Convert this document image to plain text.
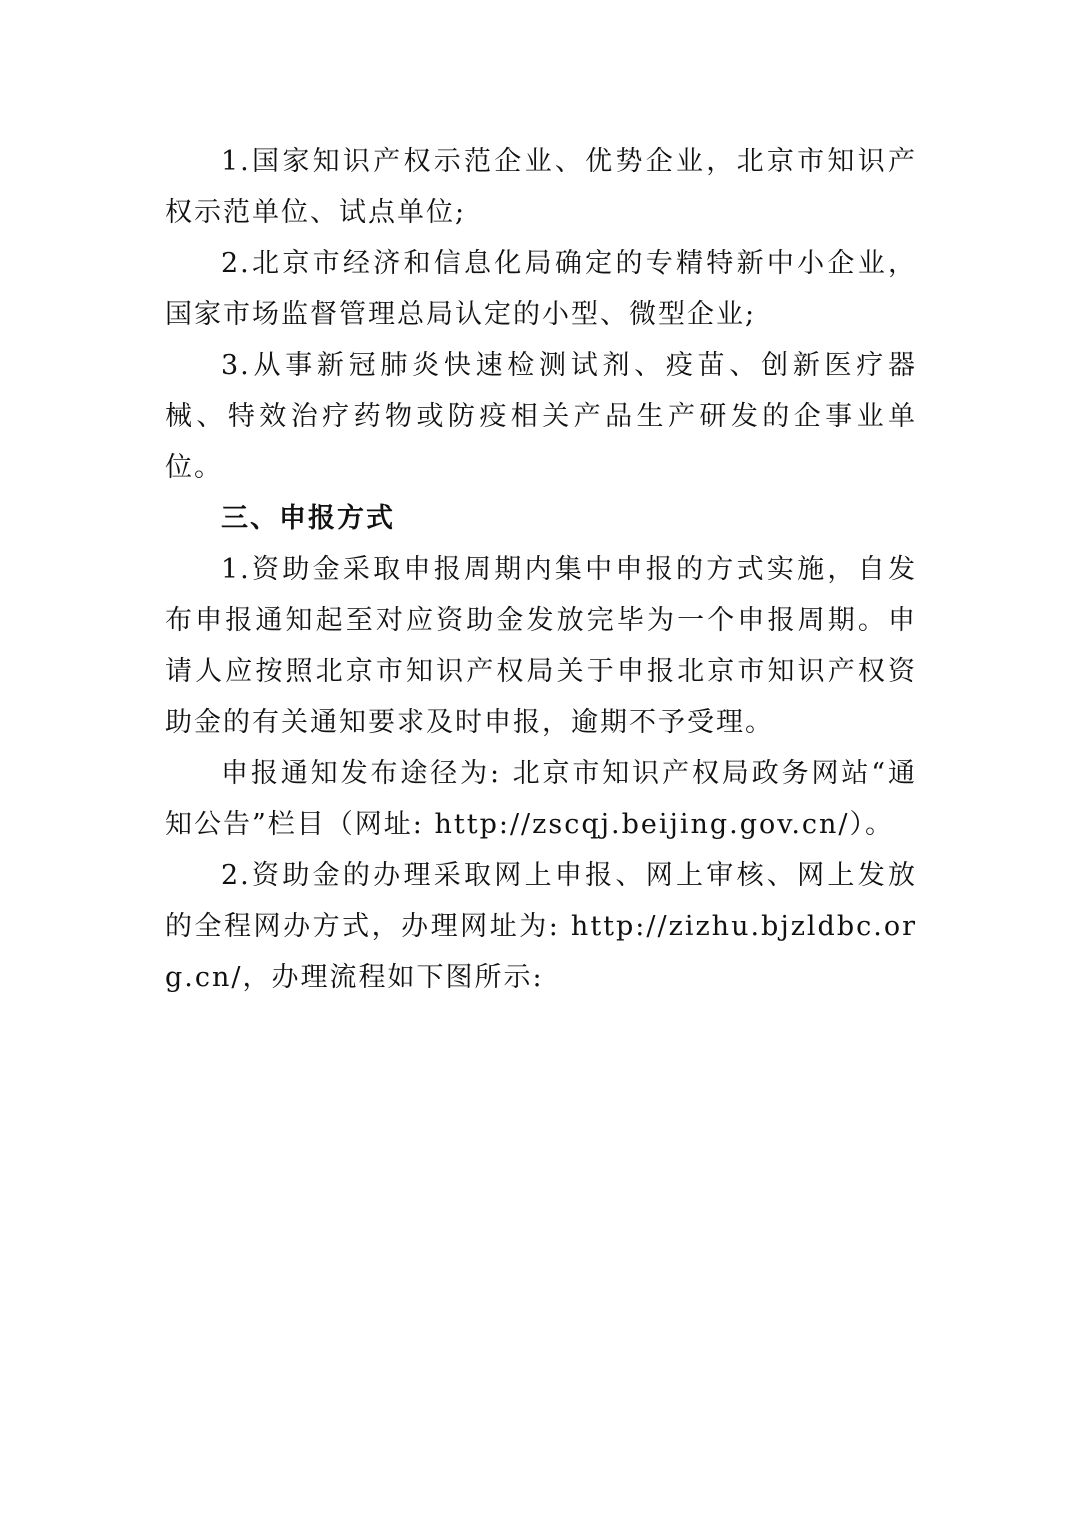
1.国家知识产权示范企业、优势企业，北京市知识产权示范单位、试点单位;

2.北京市经济和信息化局确定的专精特新中小企业，国家市场监督管理总局认定的小型、微型企业;

3.从事新冠肺炎快速检测试剂、疫苗、创新医疗器械、特效治疗药物或防疫相关产品生产研发的企事业单位。

三、申报方式

1.资助金采取申报周期内集中申报的方式实施，自发布申报通知起至对应资助金发放完毕为一个申报周期。申请人应按照北京市知识产权局关于申报北京市知识产权资助金的有关通知要求及时申报，逾期不予受理。

申报通知发布途径为: 北京市知识产权局政务网站“通知公告”栏目（网址: http://zscqj.beijing.gov.cn/）。

2.资助金的办理采取网上申报、网上审核、网上发放的全程网办方式，办理网址为: http://zizhu.bjzldbc.org.cn/，办理流程如下图所示:
